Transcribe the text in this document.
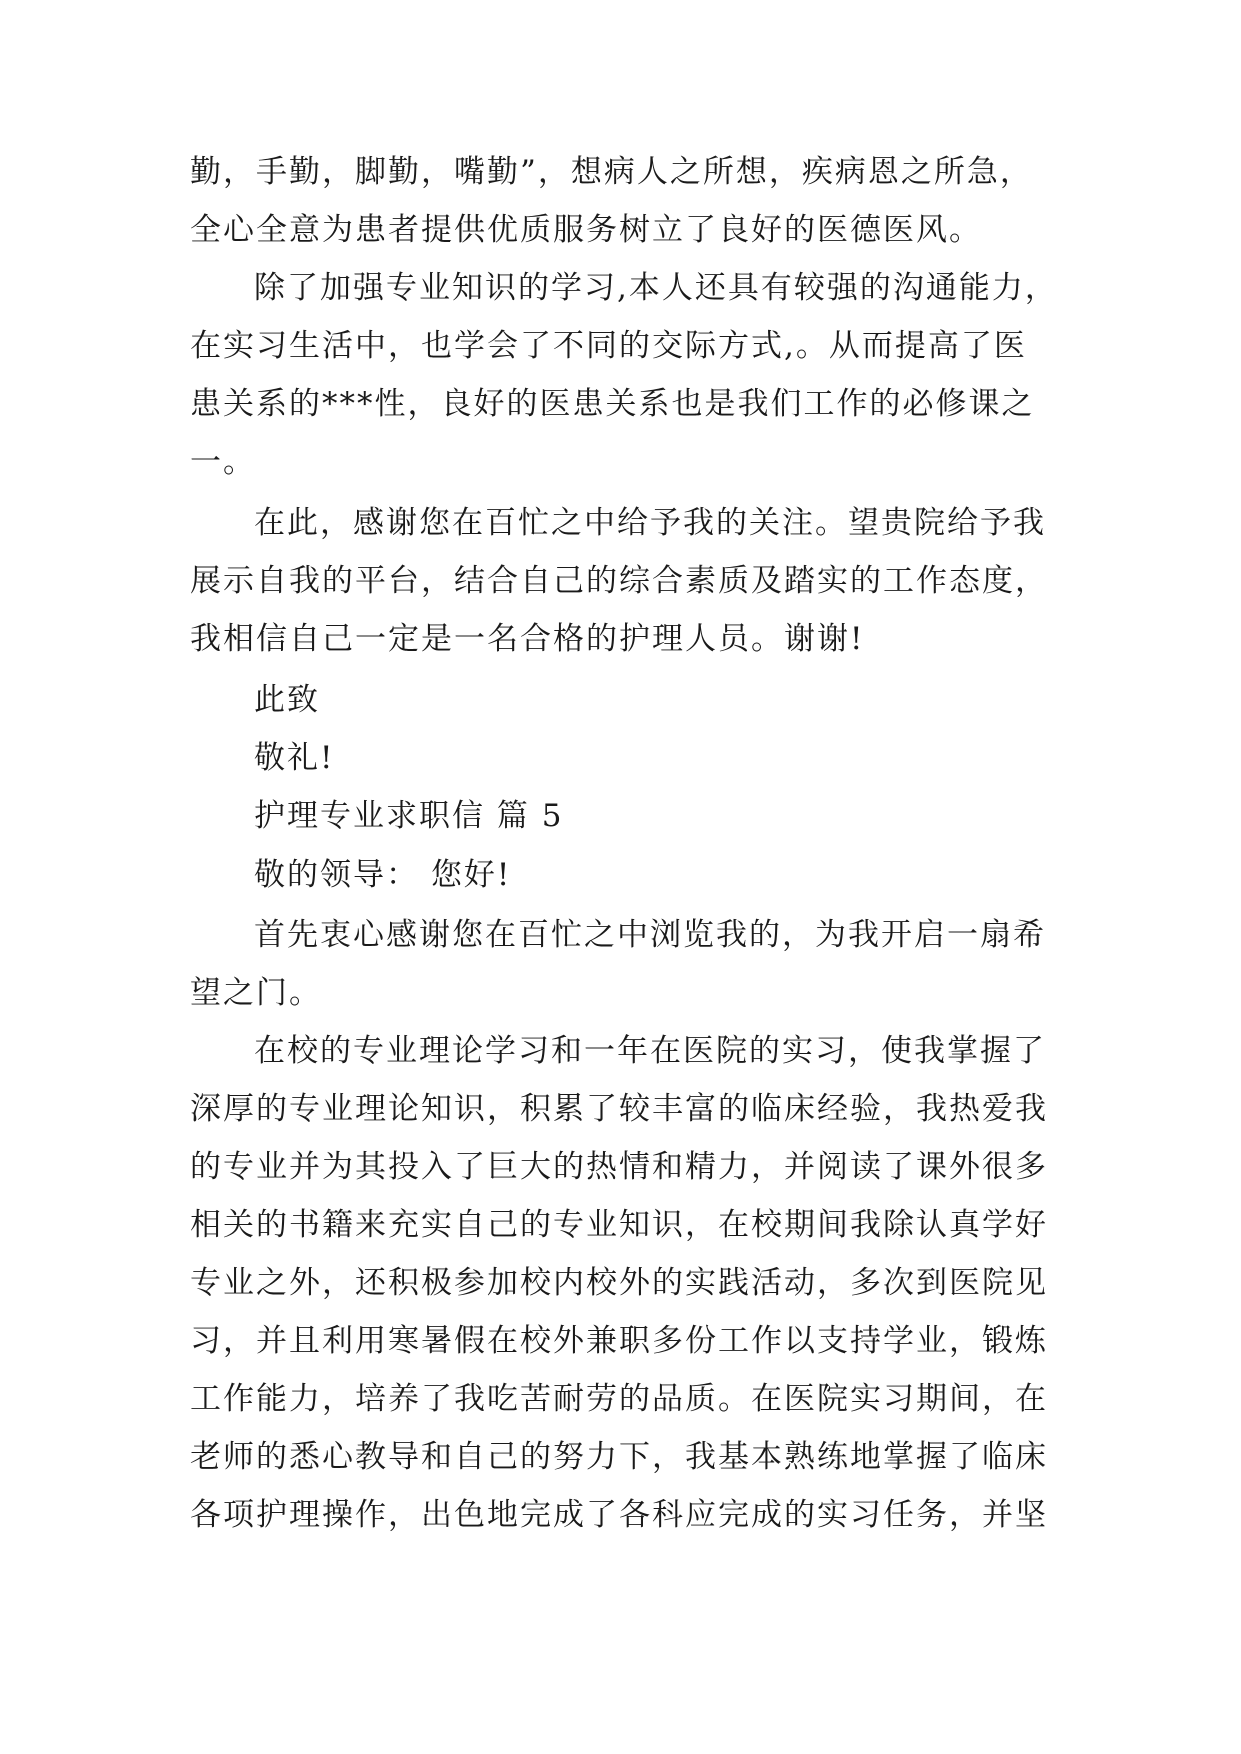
勤，手勤，脚勤，嘴勤”，想病人之所想，疾病恩之所急，
全心全意为患者提供优质服务树立了良好的医德医风。
除了加强专业知识的学习,本人还具有较强的沟通能力，
在实习生活中，也学会了不同的交际方式,。从而提高了医
患关系的***性，良好的医患关系也是我们工作的必修课之
一。
在此，感谢您在百忙之中给予我的关注。望贵院给予我
展示自我的平台，结合自己的综合素质及踏实的工作态度，
我相信自己一定是一名合格的护理人员。谢谢!
此致
敬礼!
护理专业求职信 篇 5
敬的领导： 您好!
首先衷心感谢您在百忙之中浏览我的，为我开启一扇希
望之门。
在校的专业理论学习和一年在医院的实习，使我掌握了
深厚的专业理论知识，积累了较丰富的临床经验，我热爱我
的专业并为其投入了巨大的热情和精力，并阅读了课外很多
相关的书籍来充实自己的专业知识，在校期间我除认真学好
专业之外，还积极参加校内校外的实践活动，多次到医院见
习，并且利用寒暑假在校外兼职多份工作以支持学业，锻炼
工作能力，培养了我吃苦耐劳的品质。在医院实习期间，在
老师的悉心教导和自己的努力下，我基本熟练地掌握了临床
各项护理操作，出色地完成了各科应完成的实习任务，并坚
